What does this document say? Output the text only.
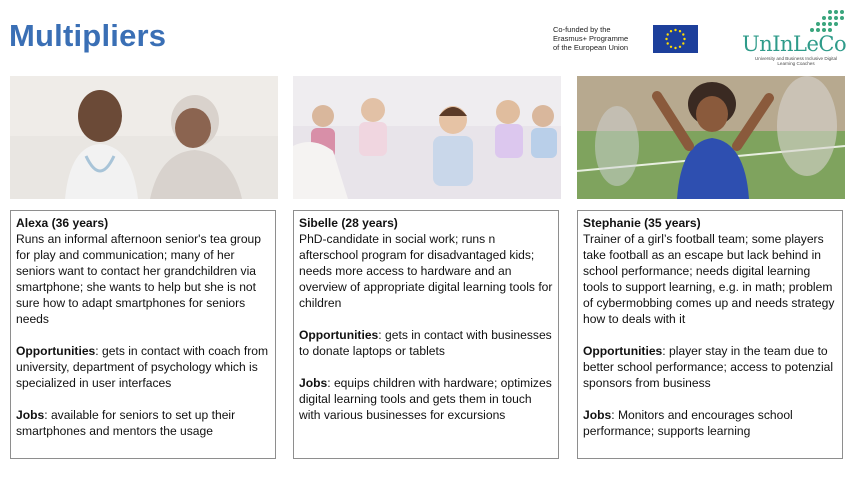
Multipliers	Co-funded by the
Erasmus+ Programme
of the European Union	UnInLeCo
University and Business Inclusive Digital Learning Coaches

Alexa (36 years)

Runs an informal afternoon senior's tea group for play and communication; many of her seniors want to contact her grandchildren via smartphone; she wants to help but she is not sure how to adapt smartphones for seniors needs

Opportunities: gets in contact with coach from university, department of psychology which is specialized in user interfaces

Jobs: available for seniors to set up their smartphones and mentors the usage

Sibelle (28 years)

PhD-candidate in social work; runs n afterschool program for disadvantaged kids; needs more access to hardware and an overview of appropriate digital learning tools for children

Opportunities: gets in contact with businesses to donate laptops or tablets

Jobs: equips children with hardware; optimizes digital learning tools and gets them in touch with various businesses for excursions

Stephanie (35 years)

Trainer of a girl’s football team; some players take football as an escape but lack behind in school performance; needs digital learning tools to support learning, e.g. in math; problem of cybermobbing comes up and needs strategy how to deals with it

Opportunities: player stay in the team due to better school performance; access to potenzial sponsors from business

Jobs: Monitors and encourages school performance; supports learning
